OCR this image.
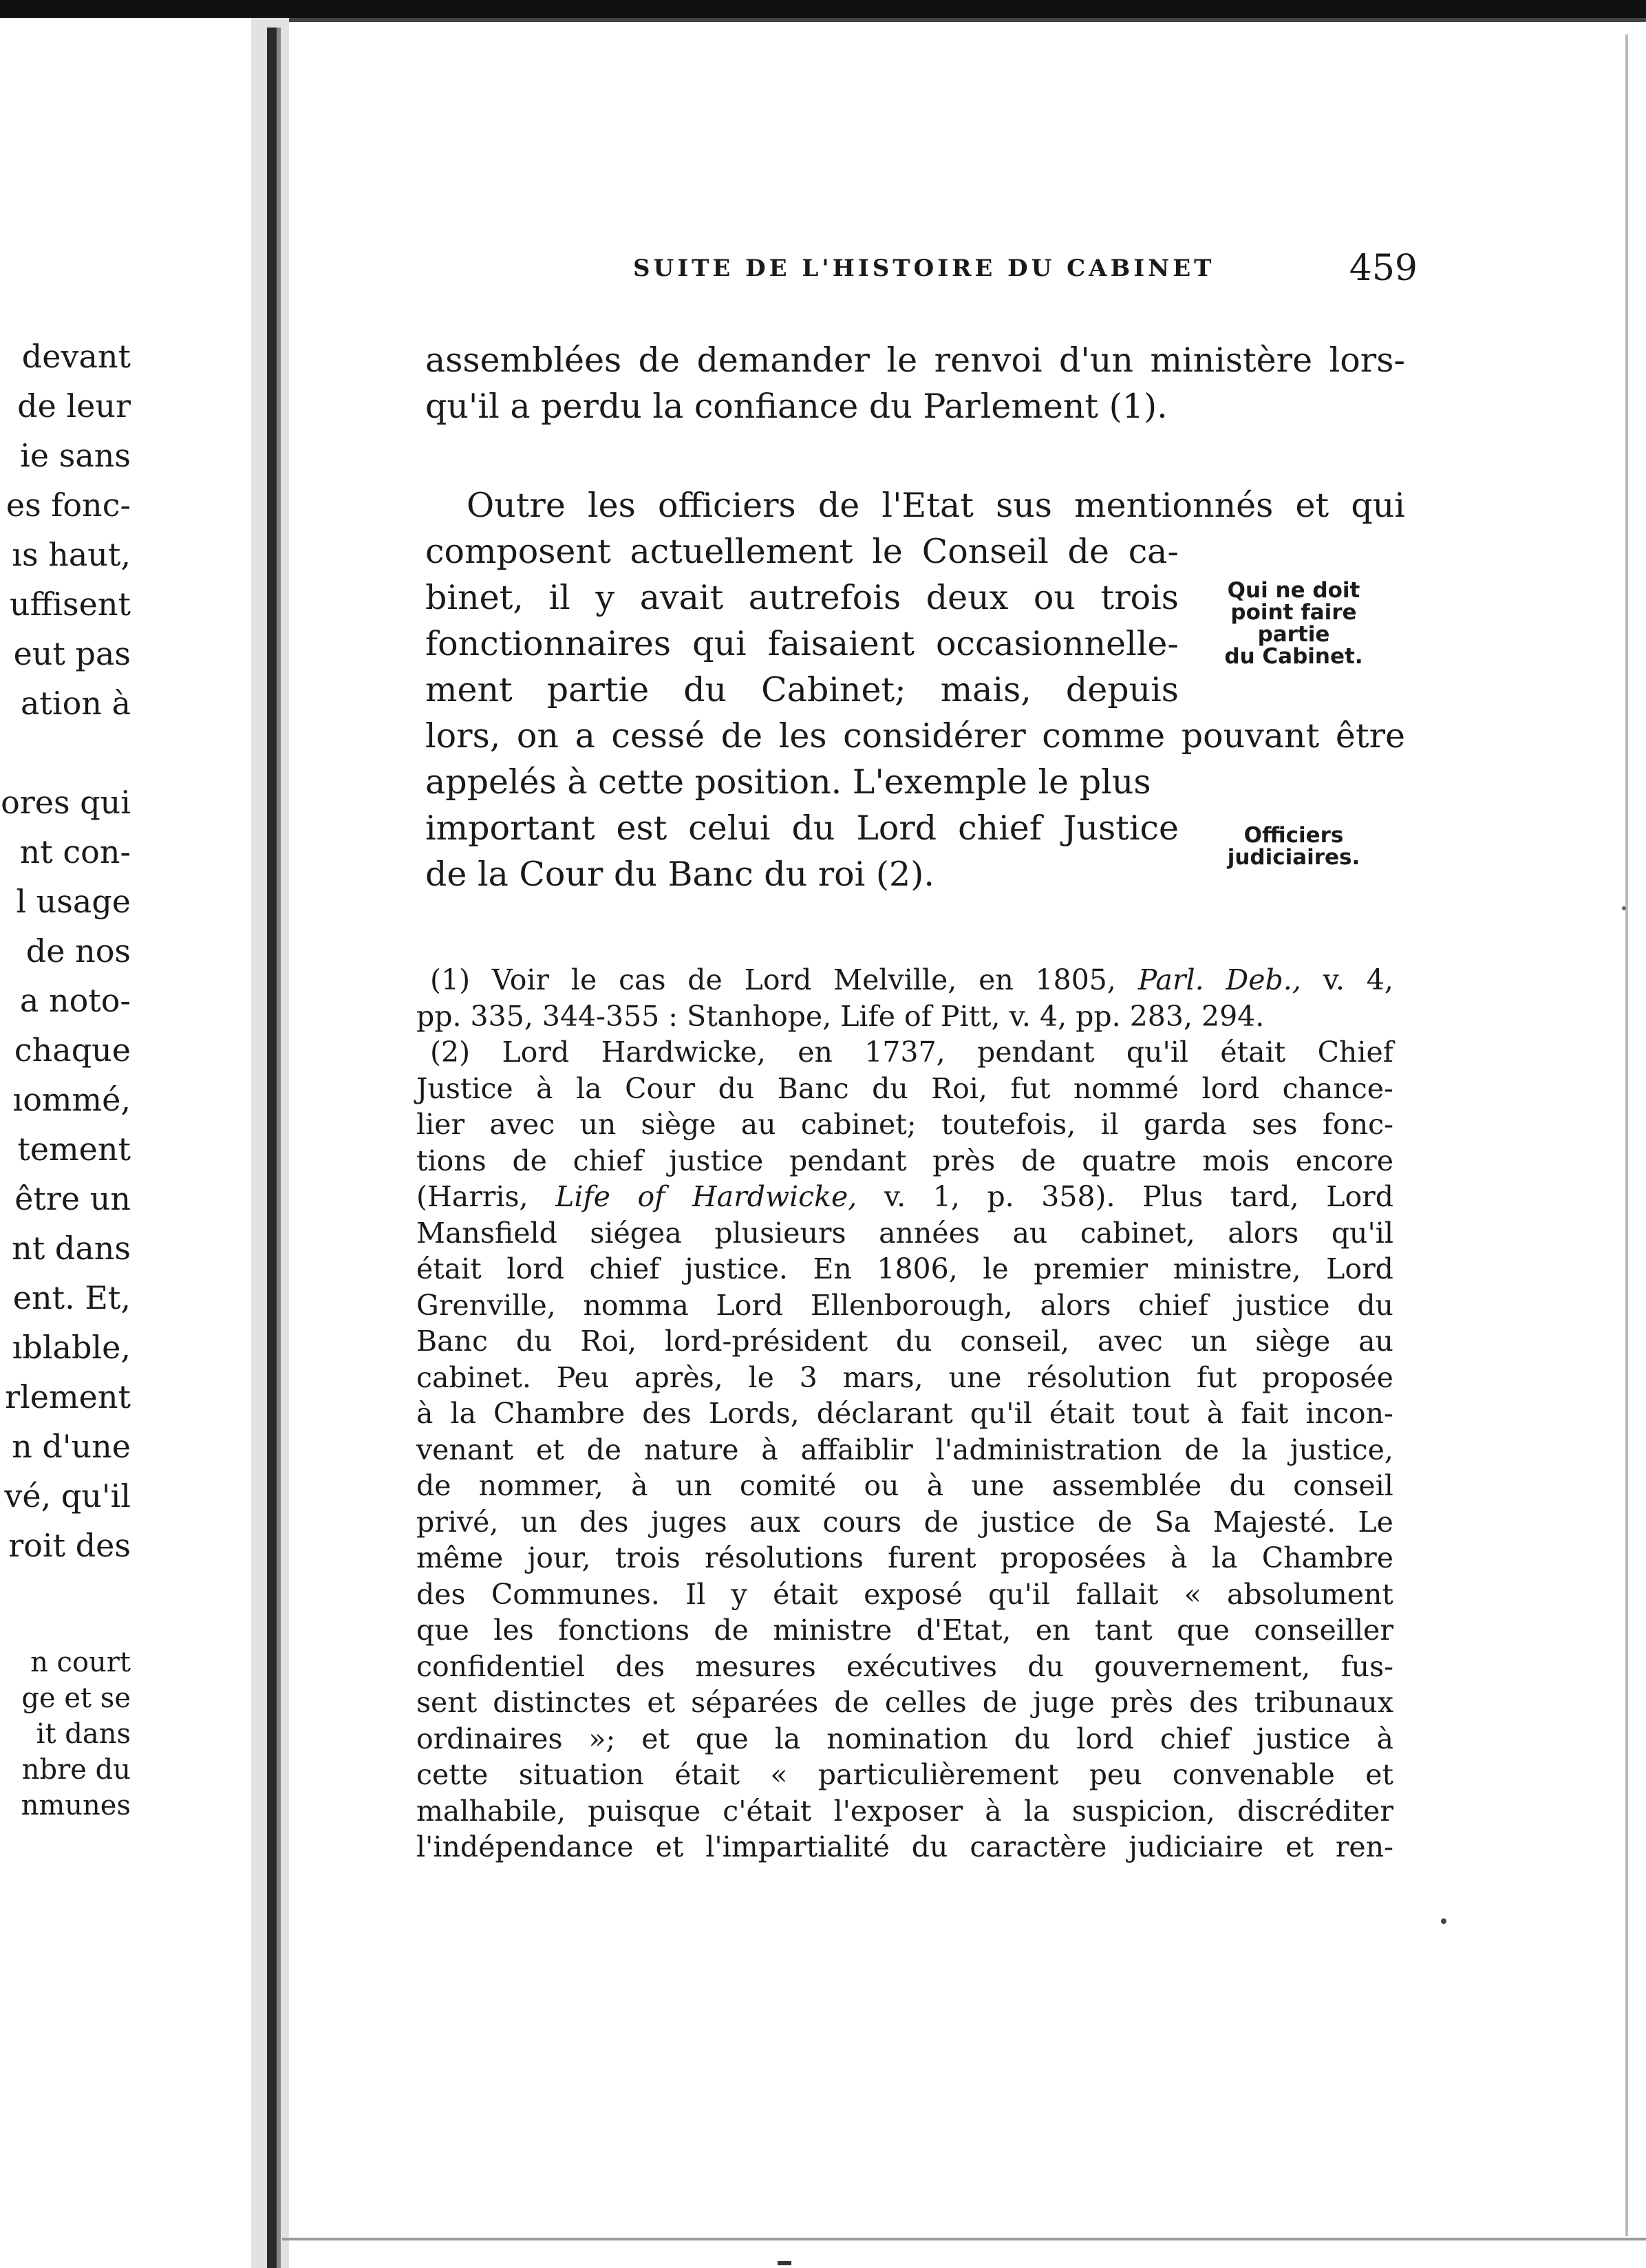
devant
de leur
ie sans
es fonc-
ıs haut,
uffisent
eut pas
ation à
ores qui
nt con-
l usage
de nos
a noto-
chaque
ıommé,
tement
être un
nt dans
ent. Et,
ıblable,
rlement
n d'une
vé, qu'il
roit des
n court
ge et se
it dans
nbre du
nmunes
SUITE DE L'HISTOIRE DU CABINET	459
assemblées de demander le renvoi d'un ministère lors-
qu'il a perdu la confiance du Parlement (1).
Outre les officiers de l'Etat sus mentionnés et qui
composent actuellement le Conseil de ca-
binet, il y avait autrefois deux ou trois
fonctionnaires qui faisaient occasionnelle-
ment partie du Cabinet; mais, depuis
lors, on a cessé de les considérer comme pouvant être
appelés à cette position. L'exemple le plus
important est celui du Lord chief Justice
de la Cour du Banc du roi (2).
Qui ne doit
point faire
partie
du Cabinet.
Officiers
judiciaires.
(1) Voir le cas de Lord Melville, en 1805, Parl. Deb., v. 4,
pp. 335, 344-355 : Stanhope, Life of Pitt, v. 4, pp. 283, 294.
(2) Lord Hardwicke, en 1737, pendant qu'il était Chief
Justice à la Cour du Banc du Roi, fut nommé lord chance-
lier avec un siège au cabinet; toutefois, il garda ses fonc-
tions de chief justice pendant près de quatre mois encore
(Harris, Life of Hardwicke, v. 1, p. 358). Plus tard, Lord
Mansfield siégea plusieurs années au cabinet, alors qu'il
était lord chief justice. En 1806, le premier ministre, Lord
Grenville, nomma Lord Ellenborough, alors chief justice du
Banc du Roi, lord-président du conseil, avec un siège au
cabinet. Peu après, le 3 mars, une résolution fut proposée
à la Chambre des Lords, déclarant qu'il était tout à fait incon-
venant et de nature à affaiblir l'administration de la justice,
de nommer, à un comité ou à une assemblée du conseil
privé, un des juges aux cours de justice de Sa Majesté. Le
même jour, trois résolutions furent proposées à la Chambre
des Communes. Il y était exposé qu'il fallait « absolument
que les fonctions de ministre d'Etat, en tant que conseiller
confidentiel des mesures exécutives du gouvernement, fus-
sent distinctes et séparées de celles de juge près des tribunaux
ordinaires »; et que la nomination du lord chief justice à
cette situation était « particulièrement peu convenable et
malhabile, puisque c'était l'exposer à la suspicion, discréditer
l'indépendance et l'impartialité du caractère judiciaire et ren-
